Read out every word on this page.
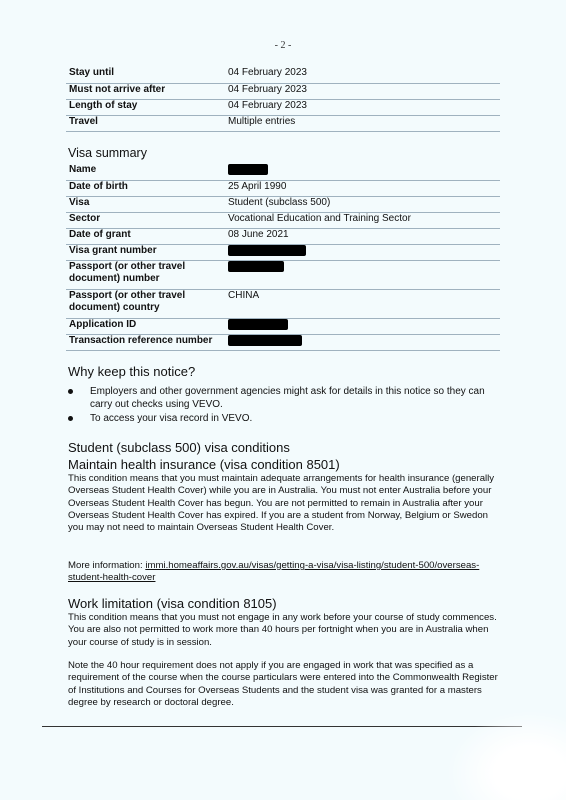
- 2 -
Stay until	04 February 2023
Must not arrive after	04 February 2023
Length of stay	04 February 2023
Travel	Multiple entries
Visa summary
Name	
Date of birth	25 April 1990
Visa	Student (subclass 500)
Sector	Vocational Education and Training Sector
Date of grant	08 June 2021
Visa grant number	
Passport (or other travel document) number	
Passport (or other travel document) country	CHINA
Application ID	
Transaction reference number	
Why keep this notice?
Employers and other government agencies might ask for details in this notice so they can carry out checks using VEVO.
To access your visa record in VEVO.
Student (subclass 500) visa conditions
Maintain health insurance (visa condition 8501)

This condition means that you must maintain adequate arrangements for health insurance (generally Overseas Student Health Cover) while you are in Australia. You must not enter Australia before your Overseas Student Health Cover has begun. You are not permitted to remain in Australia after your Overseas Student Health Cover has expired. If you are a student from Norway, Belgium or Swedon you may not need to maintain Overseas Student Health Cover.

More information: immi.homeaffairs.gov.au/visas/getting-a-visa/visa-listing/student-500/overseas-student-health-cover

Work limitation (visa condition 8105)

This condition means that you must not engage in any work before your course of study commences. You are also not permitted to work more than 40 hours per fortnight when you are in Australia when your course of study is in session.

Note the 40 hour requirement does not apply if you are engaged in work that was specified as a requirement of the course when the course particulars were entered into the Commonwealth Register of Institutions and Courses for Overseas Students and the student visa was granted for a masters degree by research or doctoral degree.
